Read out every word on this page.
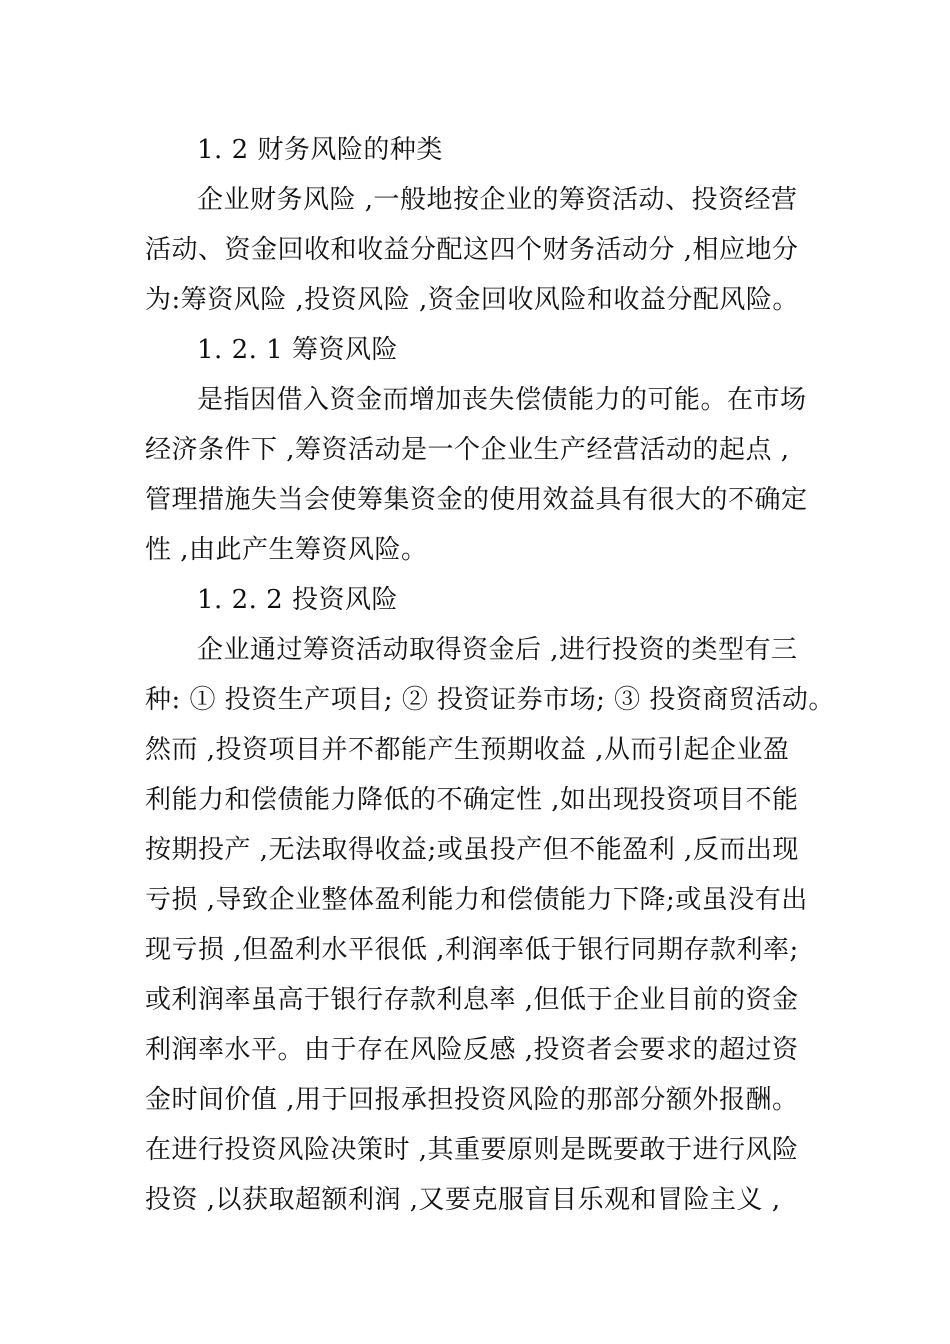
1. 2 财务风险的种类
企业财务风险 ,一般地按企业的筹资活动、投资经营
活动、资金回收和收益分配这四个财务活动分 ,相应地分
为:筹资风险 ,投资风险 ,资金回收风险和收益分配风险。
1. 2. 1 筹资风险
是指因借入资金而增加丧失偿债能力的可能。在市场
经济条件下 ,筹资活动是一个企业生产经营活动的起点 ,
管理措施失当会使筹集资金的使用效益具有很大的不确定
性 ,由此产生筹资风险。
1. 2. 2 投资风险
企业通过筹资活动取得资金后 ,进行投资的类型有三
种: ① 投资生产项目; ② 投资证券市场; ③ 投资商贸活动。
然而 ,投资项目并不都能产生预期收益 ,从而引起企业盈
利能力和偿债能力降低的不确定性 ,如出现投资项目不能
按期投产 ,无法取得收益;或虽投产但不能盈利 ,反而出现
亏损 ,导致企业整体盈利能力和偿债能力下降;或虽没有出
现亏损 ,但盈利水平很低 ,利润率低于银行同期存款利率;
或利润率虽高于银行存款利息率 ,但低于企业目前的资金
利润率水平。由于存在风险反感 ,投资者会要求的超过资
金时间价值 ,用于回报承担投资风险的那部分额外报酬。
在进行投资风险决策时 ,其重要原则是既要敢于进行风险
投资 ,以获取超额利润 ,又要克服盲目乐观和冒险主义 ,
